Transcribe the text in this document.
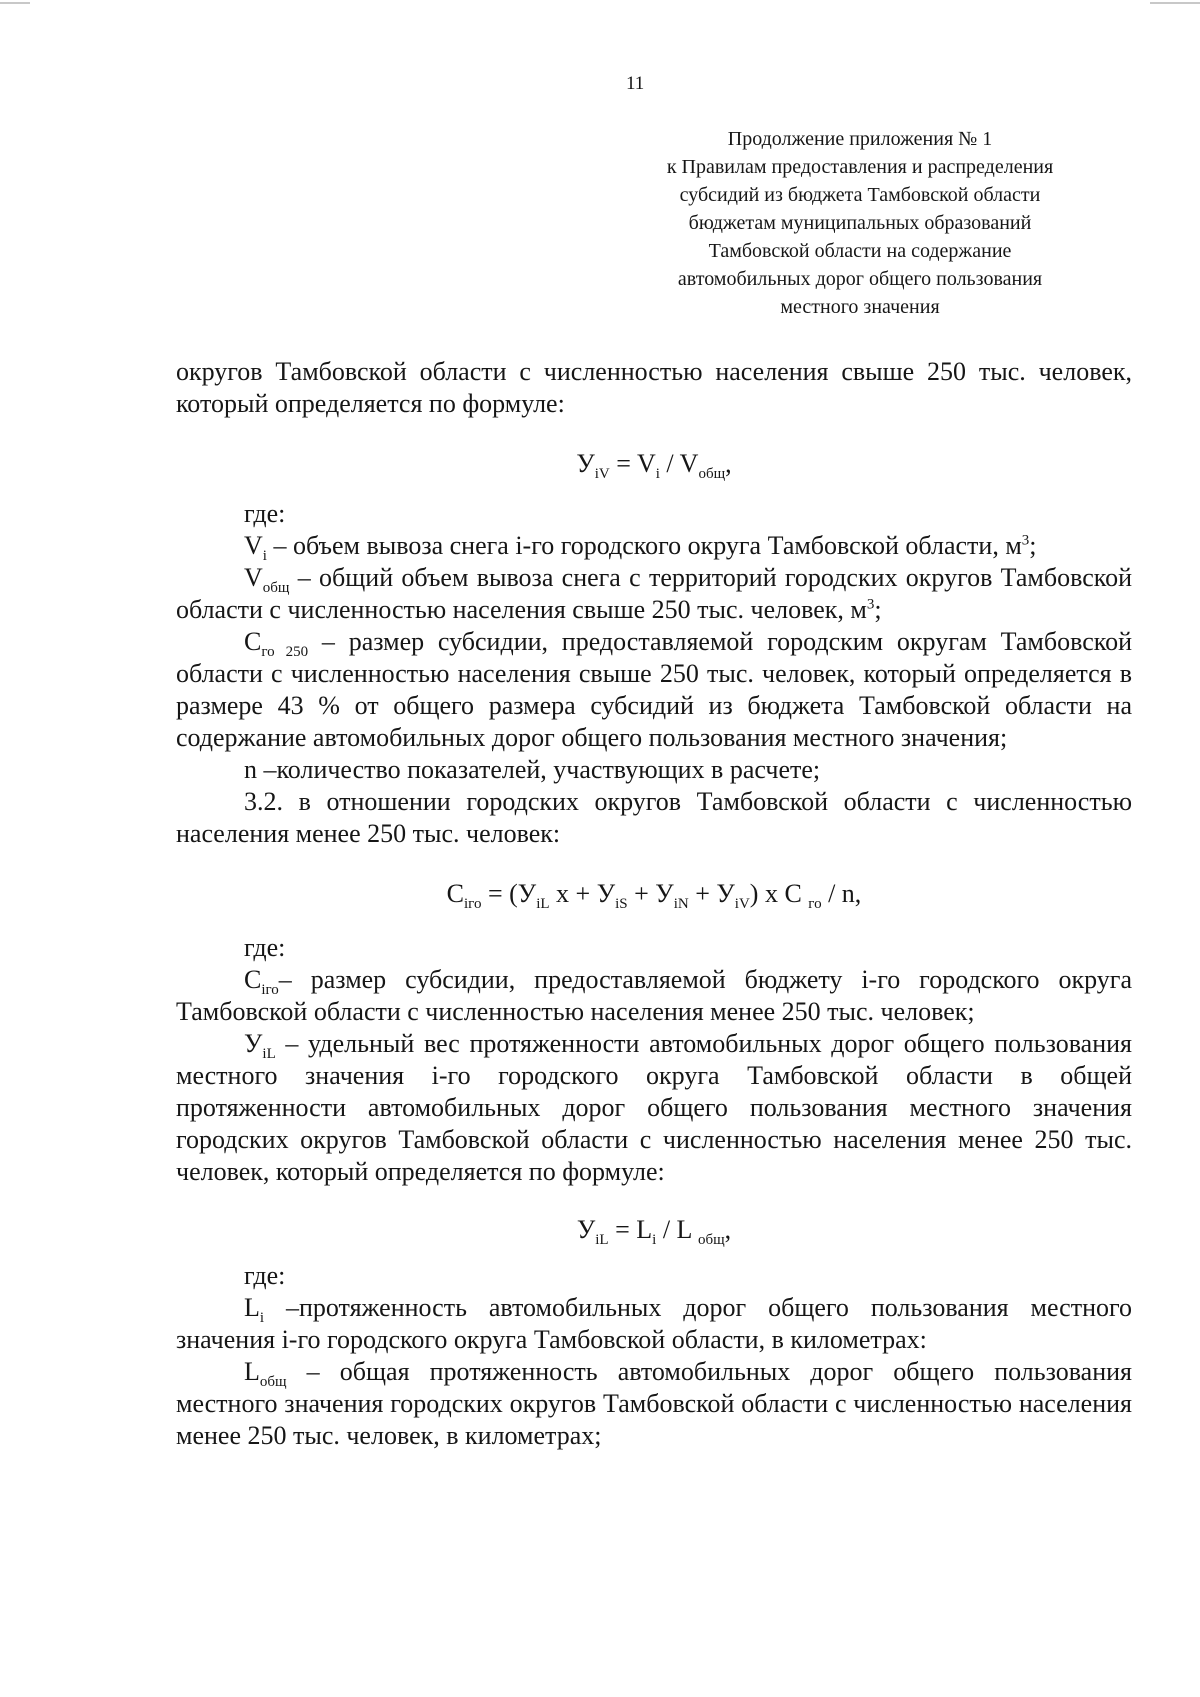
11
Продолжение приложения № 1
к Правилам предоставления и распределения
субсидий из бюджета Тамбовской области
бюджетам муниципальных образований
Тамбовской области на содержание
автомобильных дорог общего пользования
местного значения
округов Тамбовской области с численностью населения свыше 250 тыс. человек, который определяется по формуле:
$У_{iV} = V_i / V_{общ}$,
где:
$V_i$ – объем вывоза снега i-го городского округа Тамбовской области, $м^3$;
$V_{общ}$ – общий объем вывоза снега с территорий городских округов Тамбовской области с численностью населения свыше 250 тыс. человек, $м^3$;
$С_{го 250}$ – размер субсидии, предоставляемой городским округам Тамбовской области с численностью населения свыше 250 тыс. человек, который определяется в размере 43 % от общего размера субсидий из бюджета Тамбовской области на содержание автомобильных дорог общего пользования местного значения;
n –количество показателей, участвующих в расчете;
3.2. в отношении городских округов Тамбовской области с численностью населения менее 250 тыс. человек:
$С_{iго} = (У_{iL}$ $х + У_{iS} + У_{iN} + У_{iV}$) х С $_{го}$ / n,
где:
$С_{iго}-$ размер субсидии, предоставляемой бюджету i-го городского округа Тамбовской области с численностью населения менее 250 тыс. человек;
$У_{iL}$ – удельный вес протяженности автомобильных дорог общего пользования местного значения i-го городского округа Тамбовской области в общей протяженности автомобильных дорог общего пользования местного значения городских округов Тамбовской области с численностью населения менее 250 тыс. человек, который определяется по формуле:
$У_{iL} = L_i / L$ $_{общ}$,
где:
$L_i$ –протяженность автомобильных дорог общего пользования местного значения i-го городского округа Тамбовской области, в километрах:
$L_{общ}$ – общая протяженность автомобильных дорог общего пользования местного значения городских округов Тамбовской области с численностью населения менее 250 тыс. человек, в километрах;
